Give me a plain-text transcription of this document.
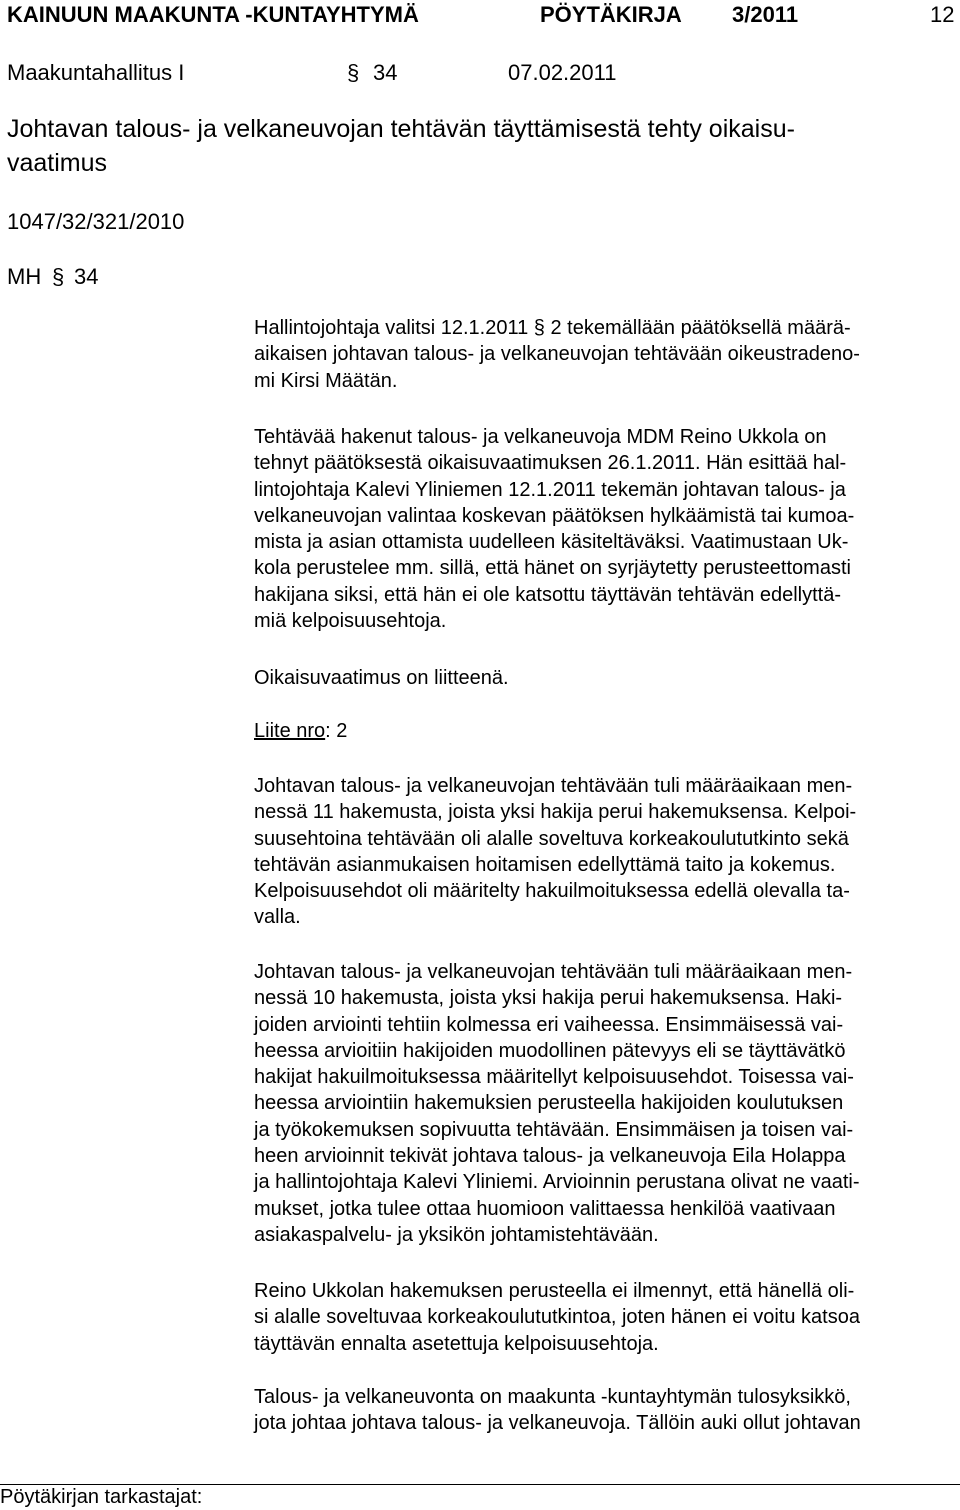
KAINUUN MAAKUNTA -KUNTAYHTYMÄ	PÖYTÄKIRJA 3/2011	12
Maakuntahallitus I	§ 34	07.02.2011
Johtavan talous- ja velkaneuvojan tehtävän täyttämisestä tehty oikaisu-
vaatimus
1047/32/321/2010
MH § 34
Hallintojohtaja valitsi 12.1.2011 § 2 tekemällään päätöksellä määrä-
aikaisen johtavan talous- ja velkaneuvojan tehtävään oikeustradeno-
mi Kirsi Määtän.
Tehtävää hakenut talous- ja velkaneuvoja MDM Reino Ukkola on
tehnyt päätöksestä oikaisuvaatimuksen 26.1.2011. Hän esittää hal-
lintojohtaja Kalevi Yliniemen 12.1.2011 tekemän johtavan talous- ja
velkaneuvojan valintaa koskevan päätöksen hylkäämistä tai kumoa-
mista ja asian ottamista uudelleen käsiteltäväksi. Vaatimustaan Uk-
kola perustelee mm. sillä, että hänet on syrjäytetty perusteettomasti
hakijana siksi, että hän ei ole katsottu täyttävän tehtävän edellyttä-
miä kelpoisuusehtoja.
Oikaisuvaatimus on liitteenä.
Liite nro: 2
Johtavan talous- ja velkaneuvojan tehtävään tuli määräaikaan men-
nessä 11 hakemusta, joista yksi hakija perui hakemuksensa. Kelpoi-
suusehtoina tehtävään oli alalle soveltuva korkeakoulututkinto sekä
tehtävän asianmukaisen hoitamisen edellyttämä taito ja kokemus.
Kelpoisuusehdot oli määritelty hakuilmoituksessa edellä olevalla ta-
valla.
Johtavan talous- ja velkaneuvojan tehtävään tuli määräaikaan men-
nessä 10 hakemusta, joista yksi hakija perui hakemuksensa. Haki-
joiden arviointi tehtiin kolmessa eri vaiheessa. Ensimmäisessä vai-
heessa arvioitiin hakijoiden muodollinen pätevyys eli se täyttävätkö
hakijat hakuilmoituksessa määritellyt kelpoisuusehdot. Toisessa vai-
heessa arviointiin hakemuksien perusteella hakijoiden koulutuksen
ja työkokemuksen sopivuutta tehtävään. Ensimmäisen ja toisen vai-
heen arvioinnit tekivät johtava talous- ja velkaneuvoja Eila Holappa
ja hallintojohtaja Kalevi Yliniemi. Arvioinnin perustana olivat ne vaati-
mukset, jotka tulee ottaa huomioon valittaessa henkilöä vaativaan
asiakaspalvelu- ja yksikön johtamistehtävään.
Reino Ukkolan hakemuksen perusteella ei ilmennyt, että hänellä oli-
si alalle soveltuvaa korkeakoulututkintoa, joten hänen ei voitu katsoa
täyttävän ennalta asetettuja kelpoisuusehtoja.
Talous- ja velkaneuvonta on maakunta -kuntayhtymän tulosyksikkö,
jota johtaa johtava talous- ja velkaneuvoja. Tällöin auki ollut johtavan
Pöytäkirjan tarkastajat:
